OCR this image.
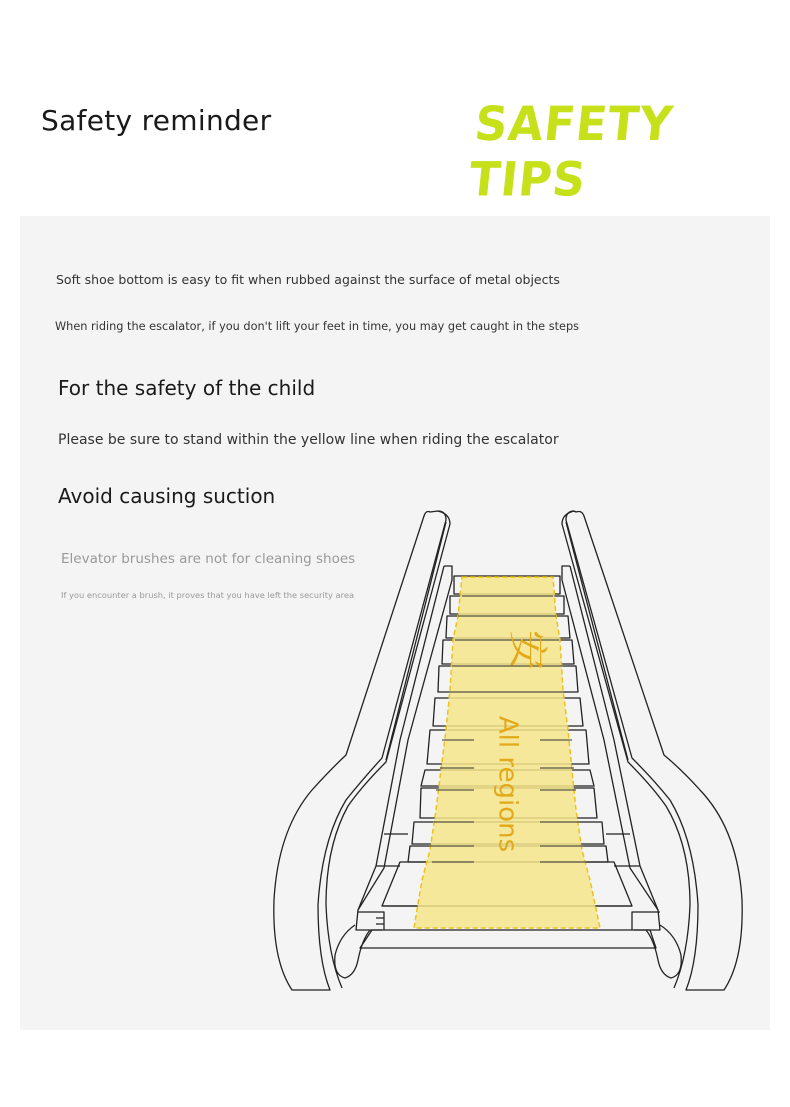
Safety reminder	SAFETY TIPS
Soft shoe bottom is easy to fit when rubbed against the surface of metal objects
When riding the escalator, if you don't lift your feet in time, you may get caught in the steps
For the safety of the child
Please be sure to stand within the yellow line when riding the escalator
Avoid causing suction
Elevator brushes are not for cleaning shoes
If you encounter a brush, it proves that you have left the security area
安
All regions
